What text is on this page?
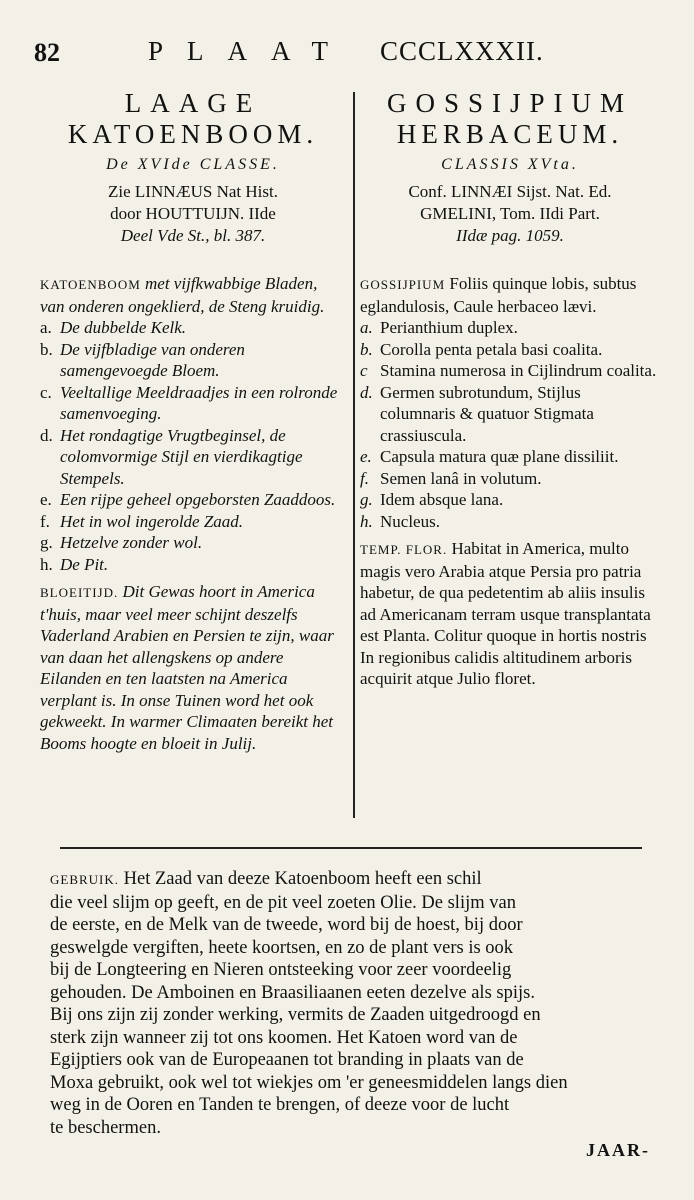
82	PLAAT CCCLXXXII.
LAAGE
KATOENBOOM.
De XVIde CLASSE.
Zie LINNÆUS Nat Hist.
door HOUTTUIJN. IIde
Deel Vde St., bl. 387.
KATOENBOOM met vijfkwabbige Bladen, van onderen ongeklierd, de Steng kruidig.
a. De dubbelde Kelk.
b. De vijfbladige van onderen samengevoegde Bloem.
c. Veeltallige Meeldraadjes in een rolronde samenvoeging.
d. Het rondagtige Vrugtbeginsel, de colomvormige Stijl en vierdikagtige Stempels.
e. Een rijpe geheel opgeborsten Zaaddoos.
f. Het in wol ingerolde Zaad.
g. Hetzelve zonder wol.
h. De Pit.
BLOEITIJD. Dit Gewas hoort in America t'huis, maar veel meer schijnt deszelfs Vaderland Arabien en Persien te zijn, waar van daan het allengskens op andere Eilanden en ten laatsten na America verplant is. In onse Tuinen word het ook gekweekt. In warmer Climaaten bereikt het Booms hoogte en bloeit in Julij.
GOSSIJPIUM
HERBACEUM.
CLASSIS XVta.
Conf. LINNÆI Sijst. Nat. Ed.
GMELINI, Tom. IIdi Part.
IIdæ pag. 1059.
GOSSIJPIUM Foliis quinque lobis, subtus eglandulosis, Caule herbaceo lævi.
a. Perianthium duplex.
b. Corolla penta petala basi coalita.
c Stamina numerosa in Cijlindrum coalita.
d. Germen subrotundum, Stijlus columnaris & quatuor Stigmata crassiuscula.
e. Capsula matura quæ plane dissiliit.
f. Semen lanâ in volutum.
g. Idem absque lana.
h. Nucleus.
TEMP. FLOR. Habitat in America, multo magis vero Arabia atque Persia pro patria habetur, de qua pedetentim ab aliis insulis ad Americanam terram usque transplantata est Planta. Colitur quoque in hortis nostris In regionibus calidis altitudinem arboris acquirit atque Julio floret.
GEBRUIK. Het Zaad van deeze Katoenboom heeft een schil
die veel slijm op geeft, en de pit veel zoeten Olie. De slijm van
de eerste, en de Melk van de tweede, word bij de hoest, bij door
geswelgde vergiften, heete koortsen, en zo de plant vers is ook
bij de Longteering en Nieren ontsteeking voor zeer voordeelig
gehouden. De Amboinen en Braasiliaanen eeten dezelve als spijs.
Bij ons zijn zij zonder werking, vermits de Zaaden uitgedroogd en
sterk zijn wanneer zij tot ons koomen. Het Katoen word van de
Egijptiers ook van de Europeaanen tot branding in plaats van de
Moxa gebruikt, ook wel tot wiekjes om 'er geneesmiddelen langs dien
weg in de Ooren en Tanden te brengen, of deeze voor de lucht
te beschermen.
JAAR-
